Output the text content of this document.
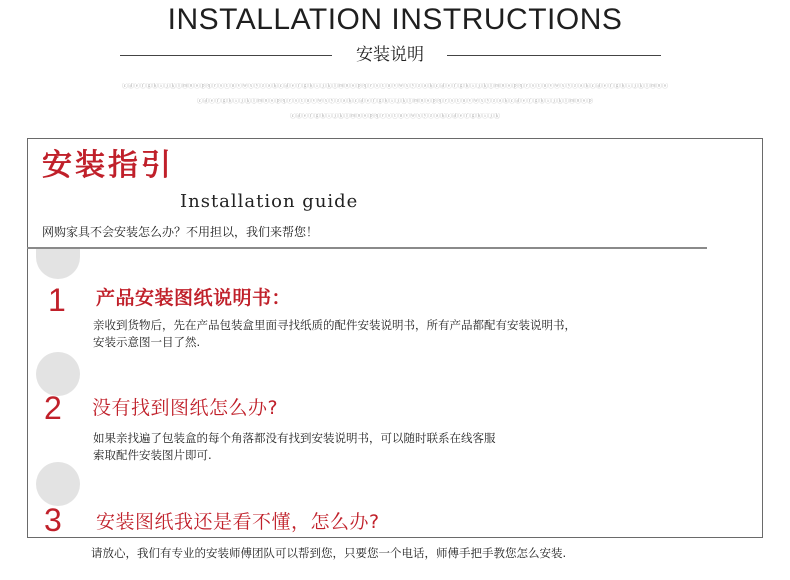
INSTALLATION INSTRUCTIONS
安装说明
ⓒⓓⓔⓕⓖⓗⓘⓙⓚⓛⓜⓝⓞⓟⓠⓡⓢⓣⓤⓥⓦⓧⓨⓩⓐⓑⓒⓓⓔⓕⓖⓗⓘⓙⓚⓛⓜⓝⓞⓟⓠⓡⓢⓣⓤⓥⓦⓧⓨⓩⓐⓑⓒⓓⓔⓕⓖⓗⓘⓙⓚⓛⓜⓝⓞⓟⓠⓡⓢⓣⓤⓥⓦⓧⓨⓩⓐⓑⓒⓓⓔⓕⓖⓗⓘⓙⓚⓛⓜⓝⓞ
ⓒⓓⓔⓕⓖⓗⓘⓙⓚⓛⓜⓝⓞⓟⓠⓡⓢⓣⓤⓥⓦⓧⓨⓩⓐⓑⓒⓓⓔⓕⓖⓗⓘⓙⓚⓛⓜⓝⓞⓟⓠⓡⓢⓣⓤⓥⓦⓧⓨⓩⓐⓑⓒⓓⓔⓕⓖⓗⓘⓙⓚⓛⓜⓝⓞⓟ
ⓒⓓⓔⓕⓖⓗⓘⓙⓚⓛⓜⓝⓞⓟⓠⓡⓢⓣⓤⓥⓦⓧⓨⓩⓐⓑⓒⓓⓔⓕⓖⓗⓘⓙⓚ
安装指引
Installation guide
网购家具不会安装怎么办？不用担以，我们来帮您！
1 产品安装图纸说明书：
亲收到货物后，先在产品包装盒里面寻找纸质的配件安装说明书，所有产品都配有安装说明书，
安装示意图一目了然.
2 没有找到图纸怎么办?
如果亲找遍了包装盒的每个角落都没有找到安装说明书，可以随时联系在线客服
索取配件安装图片即可.
3 安装图纸我还是看不懂，怎么办?
请放心，我们有专业的安装师傅团队可以帮到您，只要您一个电话，师傅手把手教您怎么安装.
